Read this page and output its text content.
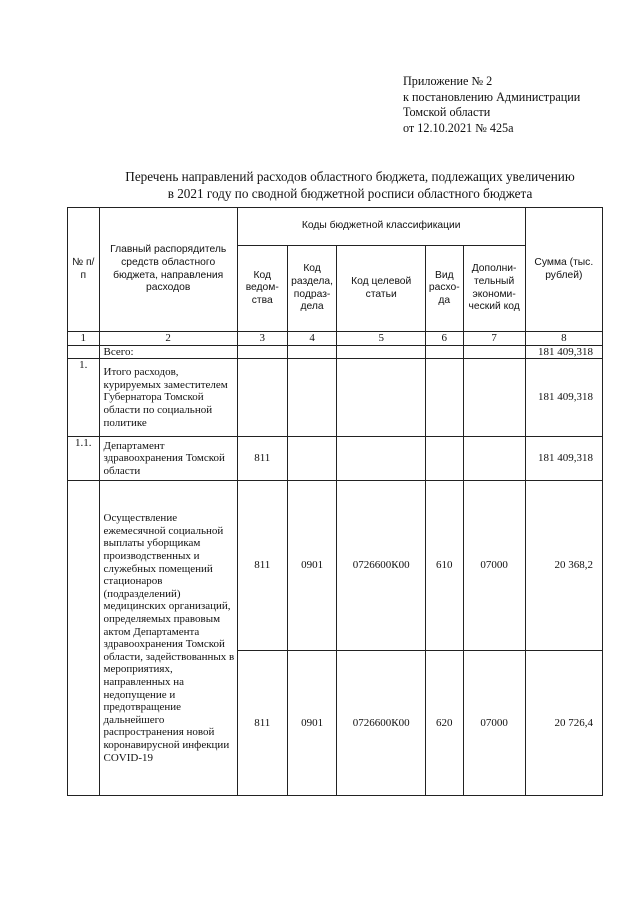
Приложение № 2
к постановлению Администрации
Томской области
от 12.10.2021 № 425а
Перечень направлений расходов областного бюджета, подлежащих увеличению
в 2021 году по сводной бюджетной росписи областного бюджета
№ п/п	Главный распорядитель средств областного бюджета, направления расходов	Коды бюджетной классификации					Сумма (тыс. рублей)
		Код ведом-ства	Код раздела, подраз-дела	Код целевой статьи	Вид расхо-да	Дополни-тельный экономи-ческий код	
1	2	3	4	5	6	7	8
	Всего:						181 409,318
1.	Итого расходов, курируемых заместителем Губернатора Томской области по социальной политике						181 409,318
1.1.	Департамент здравоохранения Томской области	811					181 409,318
	Осуществление ежемесячной социальной выплаты уборщикам производственных и служебных помещений стационаров (подразделений) медицинских организаций, определяемых правовым актом Департамента здравоохранения Томской области, задействованных в мероприятиях, направленных на недопущение и предотвращение дальнейшего распространения новой коронавирусной инфекции COVID-19	811	0901	0726600К00	610	07000	20 368,2
		811	0901	0726600К00	620	07000	20 726,4
